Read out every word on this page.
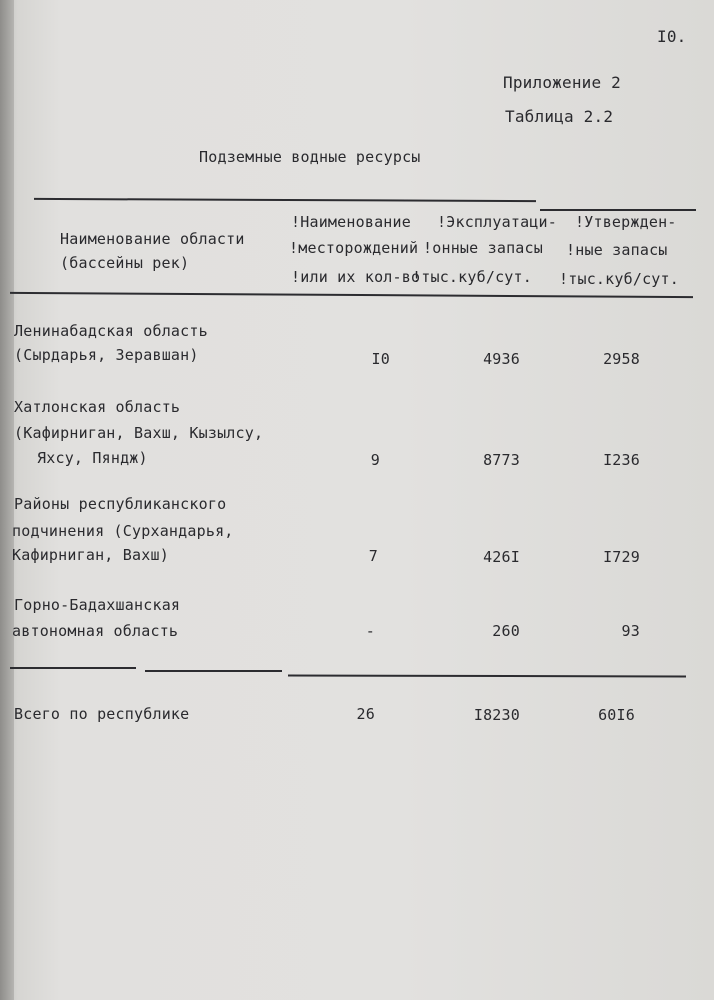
I0.
Приложение 2
Таблица 2.2
Подземные водные ресурсы
Наименование области
(бассейны рек)
!Наименование
!месторождений
!или их кол-во
!Эксплуатаци-
!онные запасы
!тыс.куб/сут.
!Утвержден-
!ные запасы
!тыс.куб/сут.
Ленинабадская область
(Сырдарья, Зеравшан)	I0	4936	2958
Хатлонская область
(Кафирниган, Вахш, Кызылсу,
Яхсу, Пяндж)	9	8773	I236
Районы республиканского
подчинения (Сурхандарья,
Кафирниган, Вахш)	7	426I	I729
Горно-Бадахшанская
автономная область	-	260	93
Всего по республике	26	I8230	60I6
